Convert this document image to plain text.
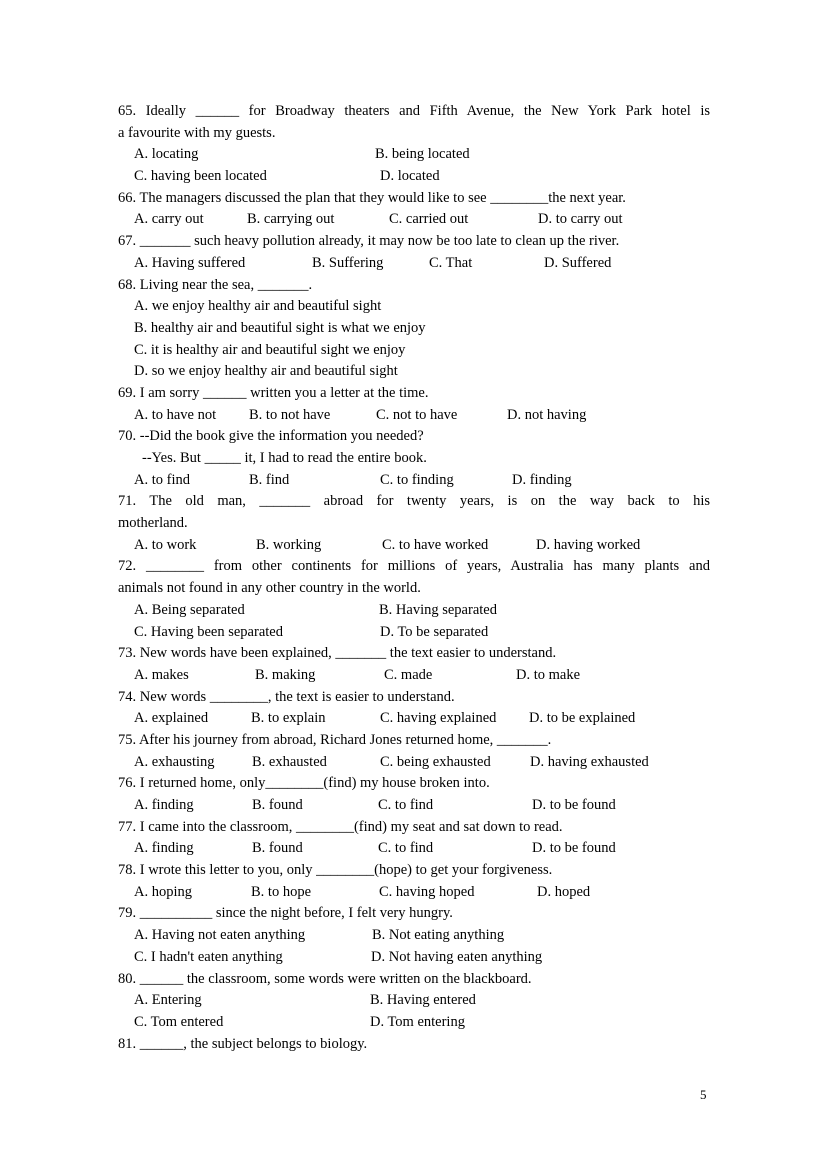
65. Ideally ______ for Broadway theaters and Fifth Avenue, the New York Park hotel is
a favourite with my guests.
A. locating	B. being located
C. having been located	D. located
66. The managers discussed the plan that they would like to see ________the next year.
A. carry out	B. carrying out	C. carried out	D. to carry out
67. _______ such heavy pollution already, it may now be too late to clean up the river.
A. Having suffered	B. Suffering	C. That	D. Suffered
68. Living near the sea, _______.
A. we enjoy healthy air and beautiful sight
B. healthy air and beautiful sight is what we enjoy
C. it is healthy air and beautiful sight we enjoy
D. so we enjoy healthy air and beautiful sight
69. I am sorry ______ written you a letter at the time.
A. to have not B. to not have	C. not to have	D. not having
70. --Did the book give the information you needed?
--Yes. But _____ it, I had to read the entire book.
A. to find	B. find	C. to finding	D. finding
71. The old man, _______ abroad for twenty years, is on the way back to his
motherland.
A. to work	B. working	C. to have worked	D. having worked
72. ________ from other continents for millions of years, Australia has many plants and
animals not found in any other country in the world.
A. Being separated	B. Having separated
C. Having been separated	D. To be separated
73. New words have been explained, _______ the text easier to understand.
A. makes	B. making	C. made	D. to make
74. New words ________, the text is easier to understand.
A. explained	B. to explain	C. having explained D. to be explained
75. After his journey from abroad, Richard Jones returned home, _______.
A. exhausting	B. exhausted	C. being exhausted	D. having exhausted
76. I returned home, only________(find) my house broken into.
A. finding	B. found	C. to find	D. to be found
77. I came into the classroom, ________(find) my seat and sat down to read.
A. finding	B. found	C. to find	D. to be found
78. I wrote this letter to you, only ________(hope) to get your forgiveness.
A. hoping	B. to hope	C. having hoped	D. hoped
79. __________ since the night before, I felt very hungry.
A. Having not eaten anything	B. Not eating anything
C. I hadn't eaten anything	D. Not having eaten anything
80. ______ the classroom, some words were written on the blackboard.
A. Entering	B. Having entered
C. Tom entered	D. Tom entering
81. ______, the subject belongs to biology.
5
